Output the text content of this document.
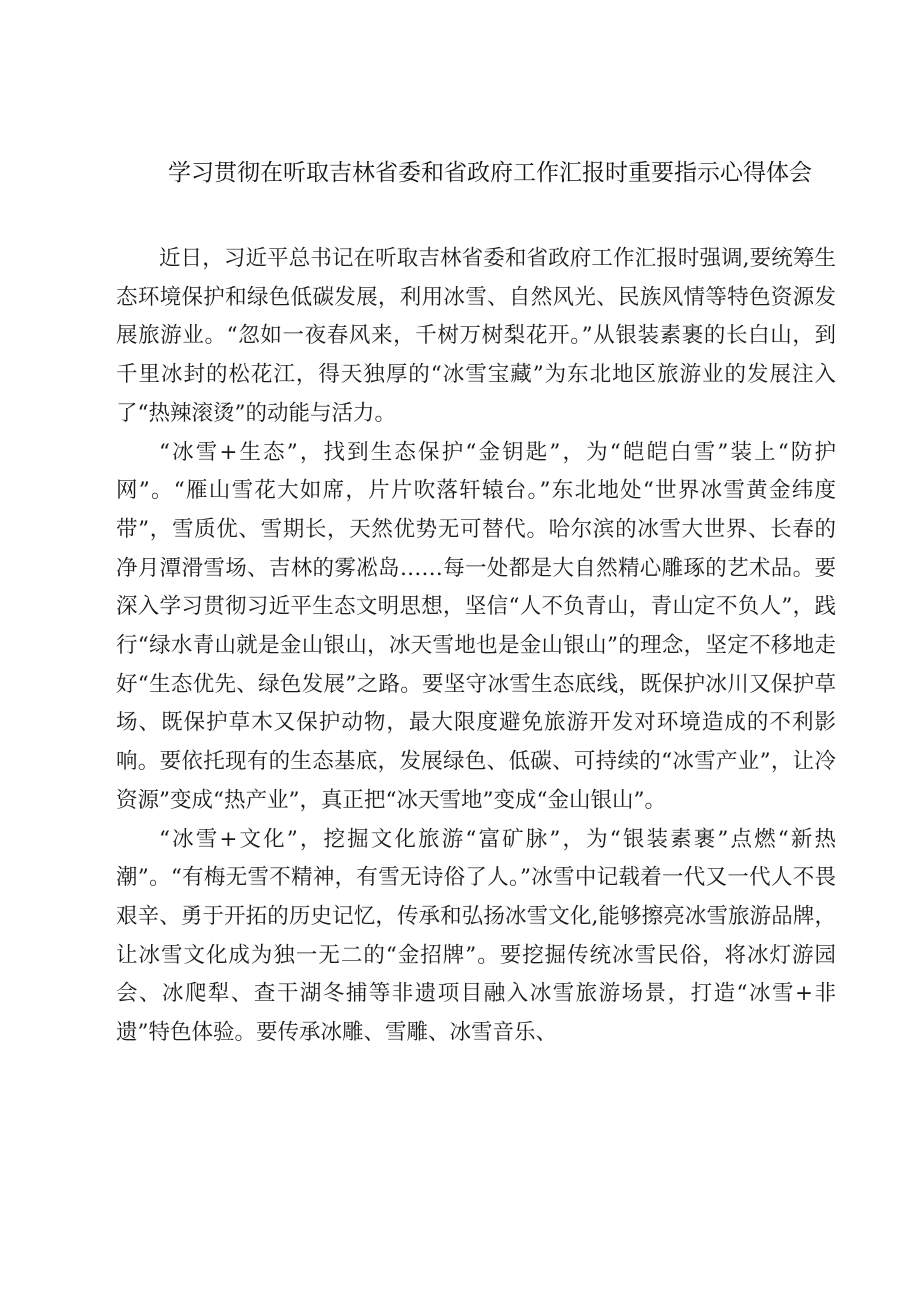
学习贯彻在听取吉林省委和省政府工作汇报时重要指示心得体会

近日，习近平总书记在听取吉林省委和省政府工作汇报时强调,要统筹生态环境保护和绿色低碳发展，利用冰雪、自然风光、民族风情等特色资源发展旅游业。“忽如一夜春风来，千树万树梨花开。”从银装素裹的长白山，到千里冰封的松花江，得天独厚的“冰雪宝藏”为东北地区旅游业的发展注入了“热辣滚烫”的动能与活力。

“冰雪+生态”，找到生态保护“金钥匙”，为“皑皑白雪”装上“防护网”。“雁山雪花大如席，片片吹落轩辕台。”东北地处“世界冰雪黄金纬度带”，雪质优、雪期长，天然优势无可替代。哈尔滨的冰雪大世界、长春的净月潭滑雪场、吉林的雾凇岛……每一处都是大自然精心雕琢的艺术品。要深入学习贯彻习近平生态文明思想，坚信“人不负青山，青山定不负人”，践行“绿水青山就是金山银山，冰天雪地也是金山银山”的理念，坚定不移地走好“生态优先、绿色发展”之路。要坚守冰雪生态底线，既保护冰川又保护草场、既保护草木又保护动物，最大限度避免旅游开发对环境造成的不利影响。要依托现有的生态基底，发展绿色、低碳、可持续的“冰雪产业”，让冷资源”变成“热产业”，真正把“冰天雪地”变成“金山银山”。

“冰雪+文化”，挖掘文化旅游“富矿脉”，为“银装素裹”点燃“新热潮”。“有梅无雪不精神，有雪无诗俗了人。”冰雪中记载着一代又一代人不畏艰辛、勇于开拓的历史记忆，传承和弘扬冰雪文化,能够擦亮冰雪旅游品牌，让冰雪文化成为独一无二的“金招牌”。要挖掘传统冰雪民俗，将冰灯游园会、冰爬犁、查干湖冬捕等非遗项目融入冰雪旅游场景，打造“冰雪+非遗”特色体验。要传承冰雕、雪雕、冰雪音乐、
